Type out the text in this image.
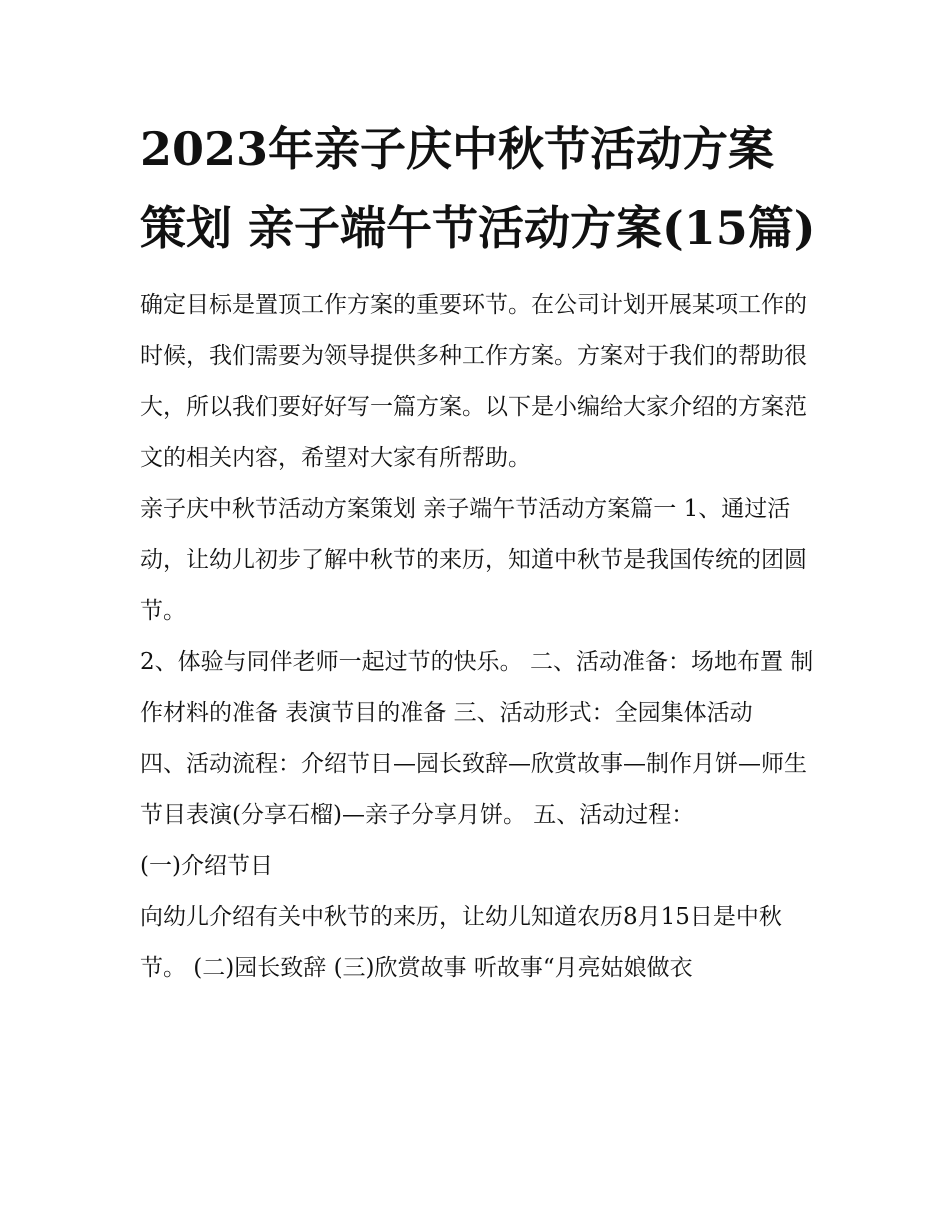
2023年亲子庆中秋节活动方案策划 亲子端午节活动方案(15篇)

确定目标是置顶工作方案的重要环节。在公司计划开展某项工作的时候，我们需要为领导提供多种工作方案。方案对于我们的帮助很大，所以我们要好好写一篇方案。以下是小编给大家介绍的方案范文的相关内容，希望对大家有所帮助。

亲子庆中秋节活动方案策划 亲子端午节活动方案篇一 1、通过活动，让幼儿初步了解中秋节的来历，知道中秋节是我国传统的团圆节。

2、体验与同伴老师一起过节的快乐。 二、活动准备：场地布置 制作材料的准备 表演节目的准备 三、活动形式：全园集体活动

四、活动流程：介绍节日—园长致辞—欣赏故事—制作月饼—师生节目表演(分享石榴)—亲子分享月饼。 五、活动过程：

(一)介绍节日

向幼儿介绍有关中秋节的来历，让幼儿知道农历8月15日是中秋节。 (二)园长致辞 (三)欣赏故事 听故事“月亮姑娘做衣
